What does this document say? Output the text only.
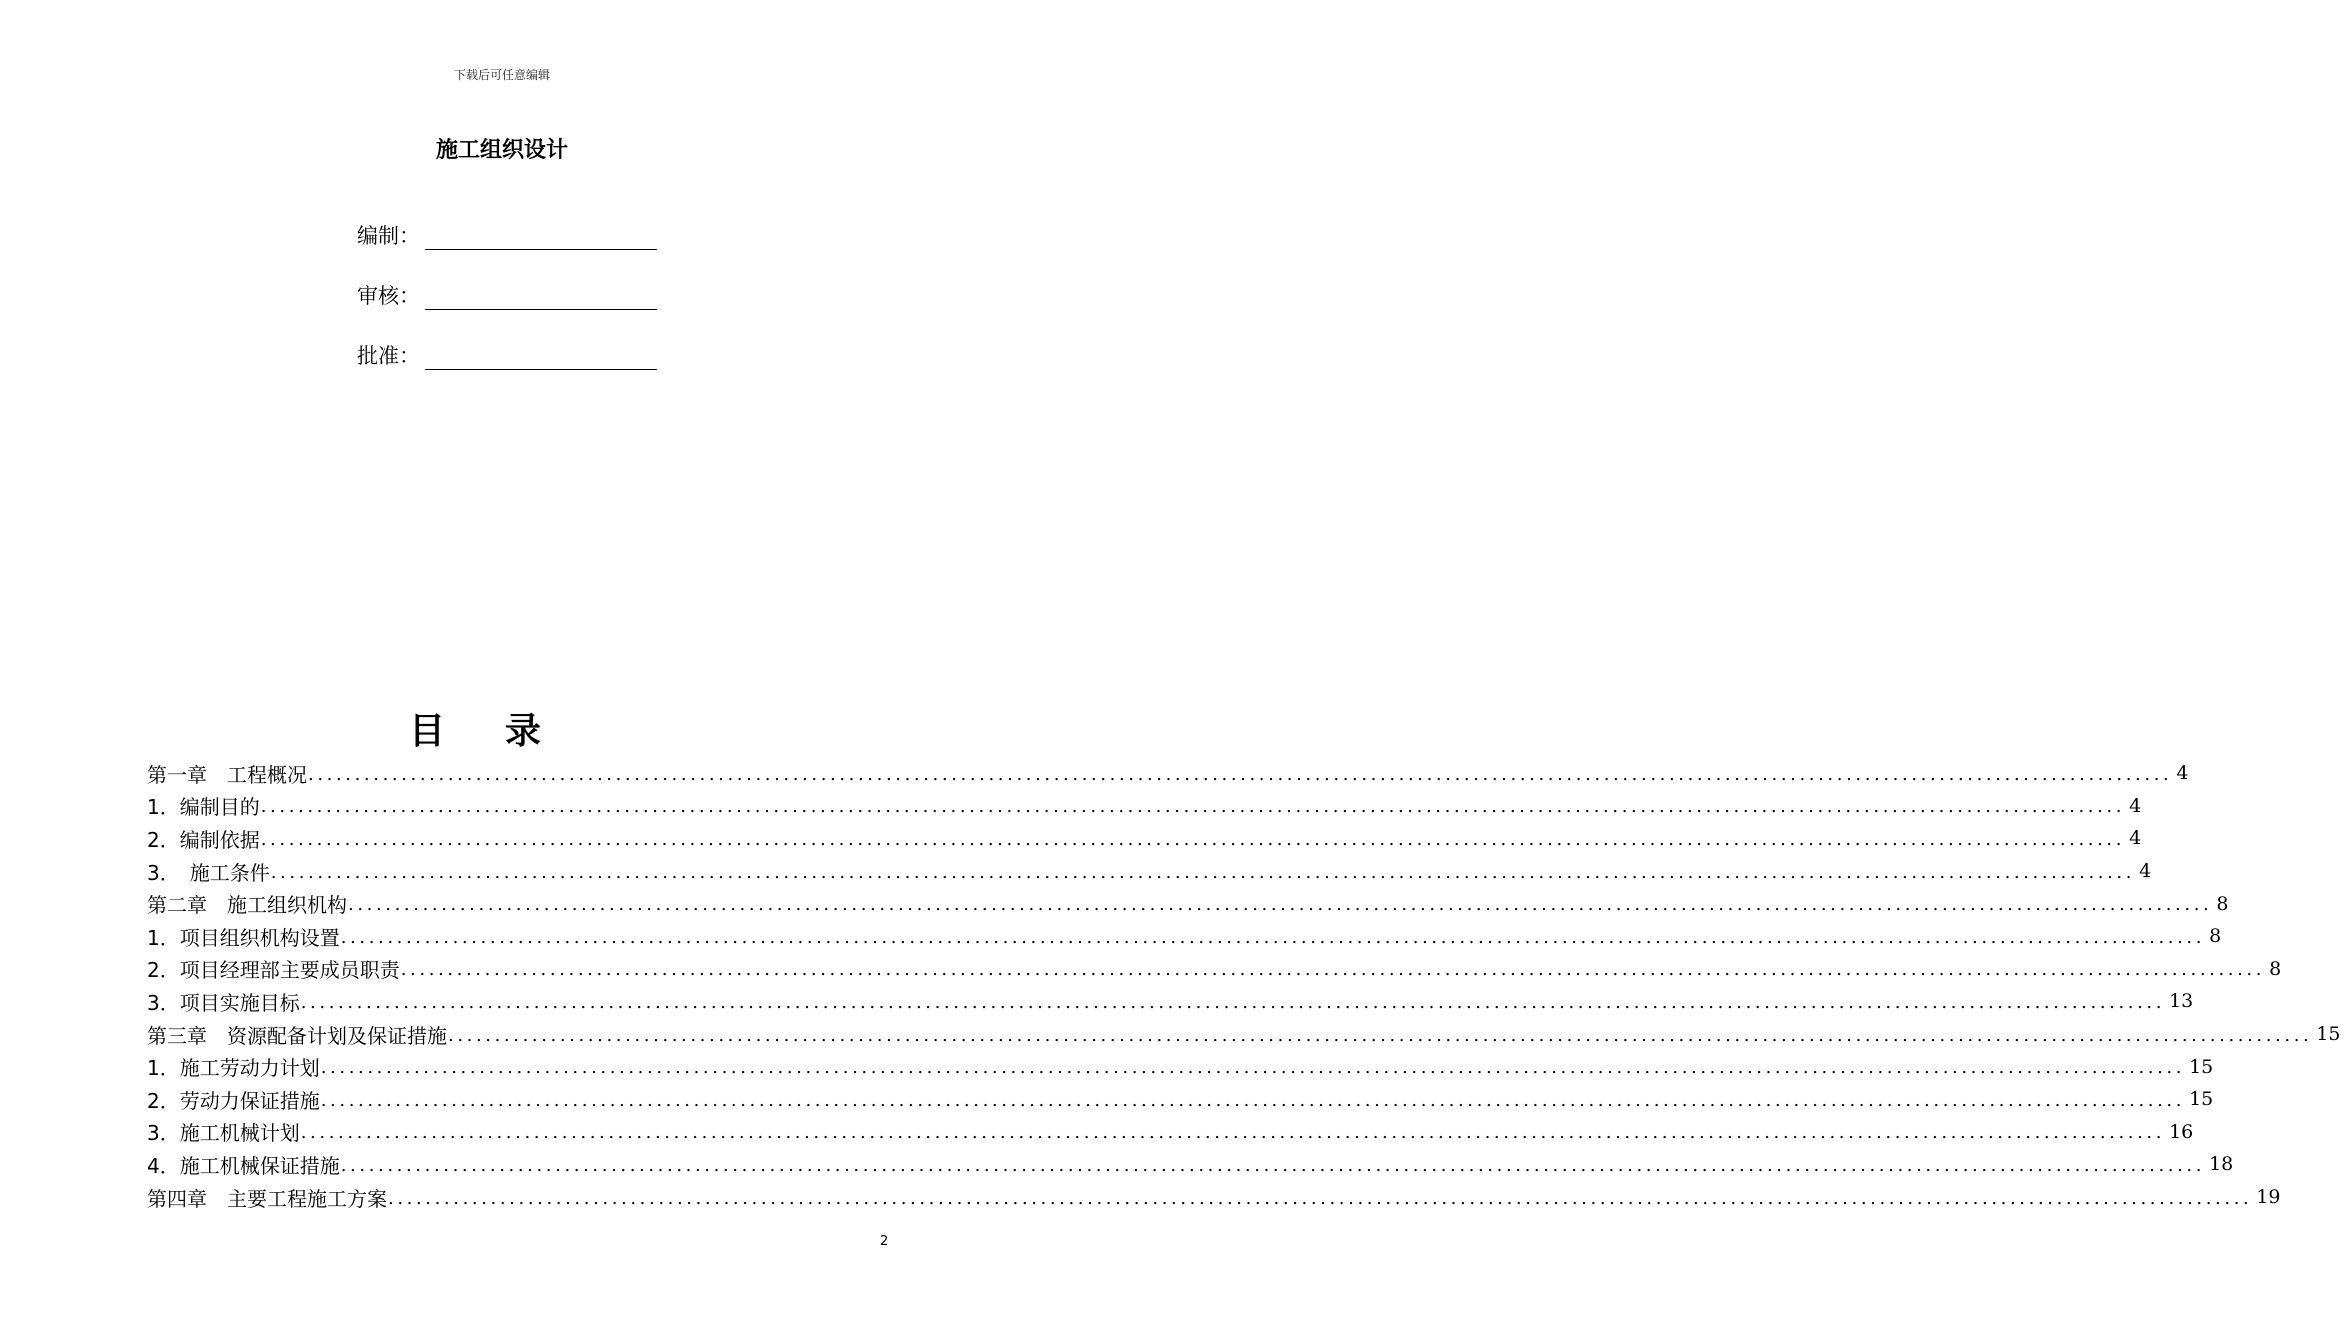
下载后可任意编辑
施工组织设计
编制：
审核：
批准：
目录
第一章　工程概况 ........................................................................................................................................................................................................ 4
1．编制目的 ........................................................................................................................................................................................................ 4
2．编制依据 ........................................................................................................................................................................................................ 4
3．　施工条件 ........................................................................................................................................................................................................ 4
第二章　施工组织机构 ........................................................................................................................................................................................................ 8
1．项目组织机构设置 ........................................................................................................................................................................................................ 8
2．项目经理部主要成员职责 ........................................................................................................................................................................................................ 8
3．项目实施目标 ........................................................................................................................................................................................................ 13
第三章　资源配备计划及保证措施 ........................................................................................................................................................................................................ 15
1．施工劳动力计划 ........................................................................................................................................................................................................ 15
2．劳动力保证措施 ........................................................................................................................................................................................................ 15
3．施工机械计划 ........................................................................................................................................................................................................ 16
4．施工机械保证措施 ........................................................................................................................................................................................................ 18
第四章　主要工程施工方案 ........................................................................................................................................................................................................ 19
2
